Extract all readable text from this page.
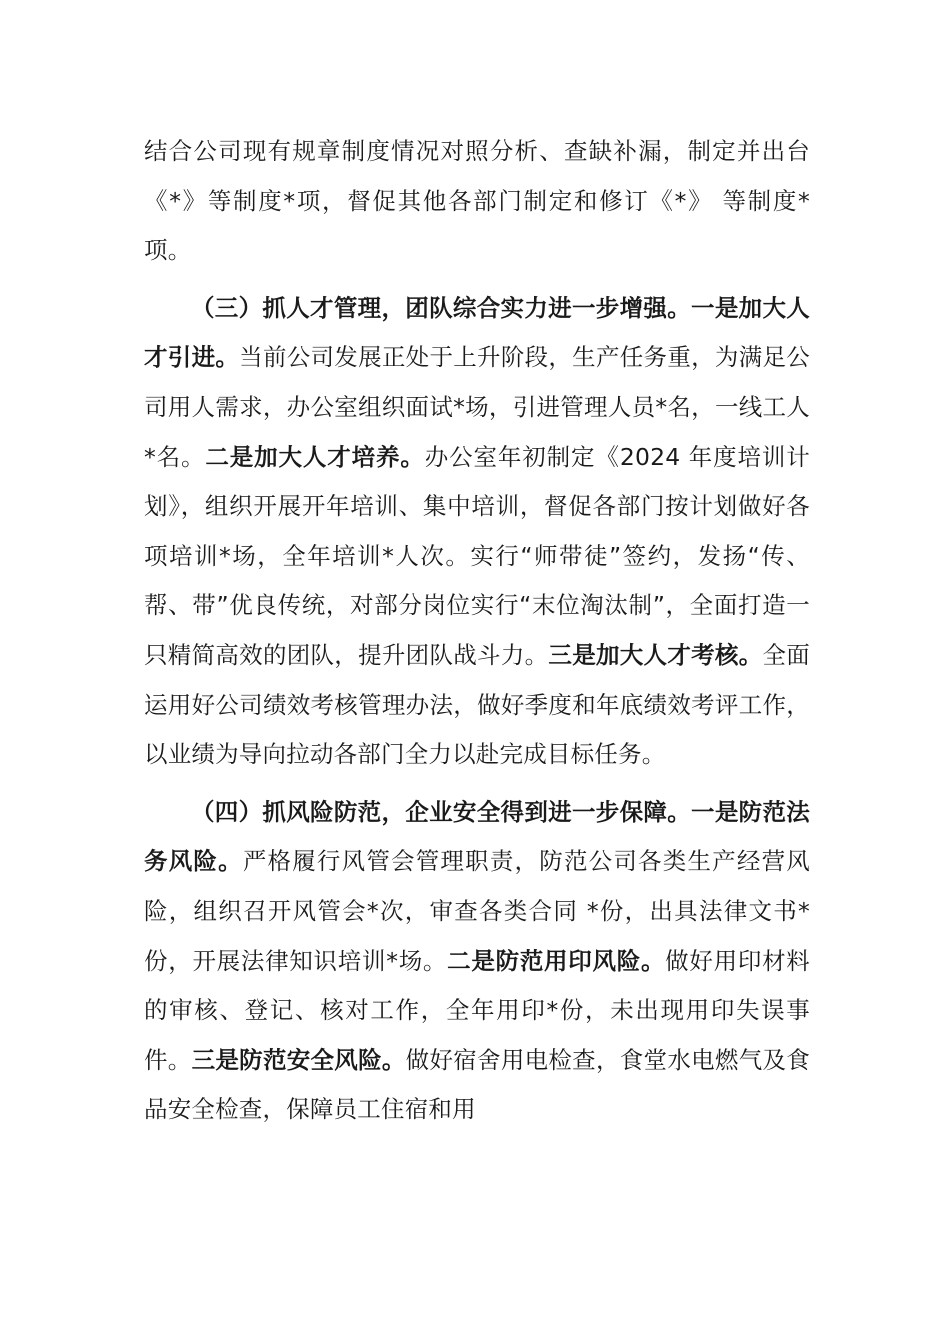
结合公司现有规章制度情况对照分析、查缺补漏，制定并出台《*》等制度*项，督促其他各部门制定和修订《*》 等制度*项。

（三）抓人才管理，团队综合实力进一步增强。一是加大人才引进。当前公司发展正处于上升阶段，生产任务重，为满足公司用人需求，办公室组织面试*场，引进管理人员*名，一线工人*名。二是加大人才培养。办公室年初制定《2024 年度培训计划》，组织开展开年培训、集中培训，督促各部门按计划做好各项培训*场，全年培训*人次。实行“师带徒”签约，发扬“传、帮、带”优良传统，对部分岗位实行“末位淘汰制”，全面打造一只精简高效的团队，提升团队战斗力。三是加大人才考核。全面运用好公司绩效考核管理办法，做好季度和年底绩效考评工作，以业绩为导向拉动各部门全力以赴完成目标任务。

（四）抓风险防范，企业安全得到进一步保障。一是防范法务风险。严格履行风管会管理职责，防范公司各类生产经营风险，组织召开风管会*次，审查各类合同 *份，出具法律文书*份，开展法律知识培训*场。二是防范用印风险。做好用印材料的审核、登记、核对工作，全年用印*份，未出现用印失误事件。三是防范安全风险。做好宿舍用电检查，食堂水电燃气及食品安全检查，保障员工住宿和用
